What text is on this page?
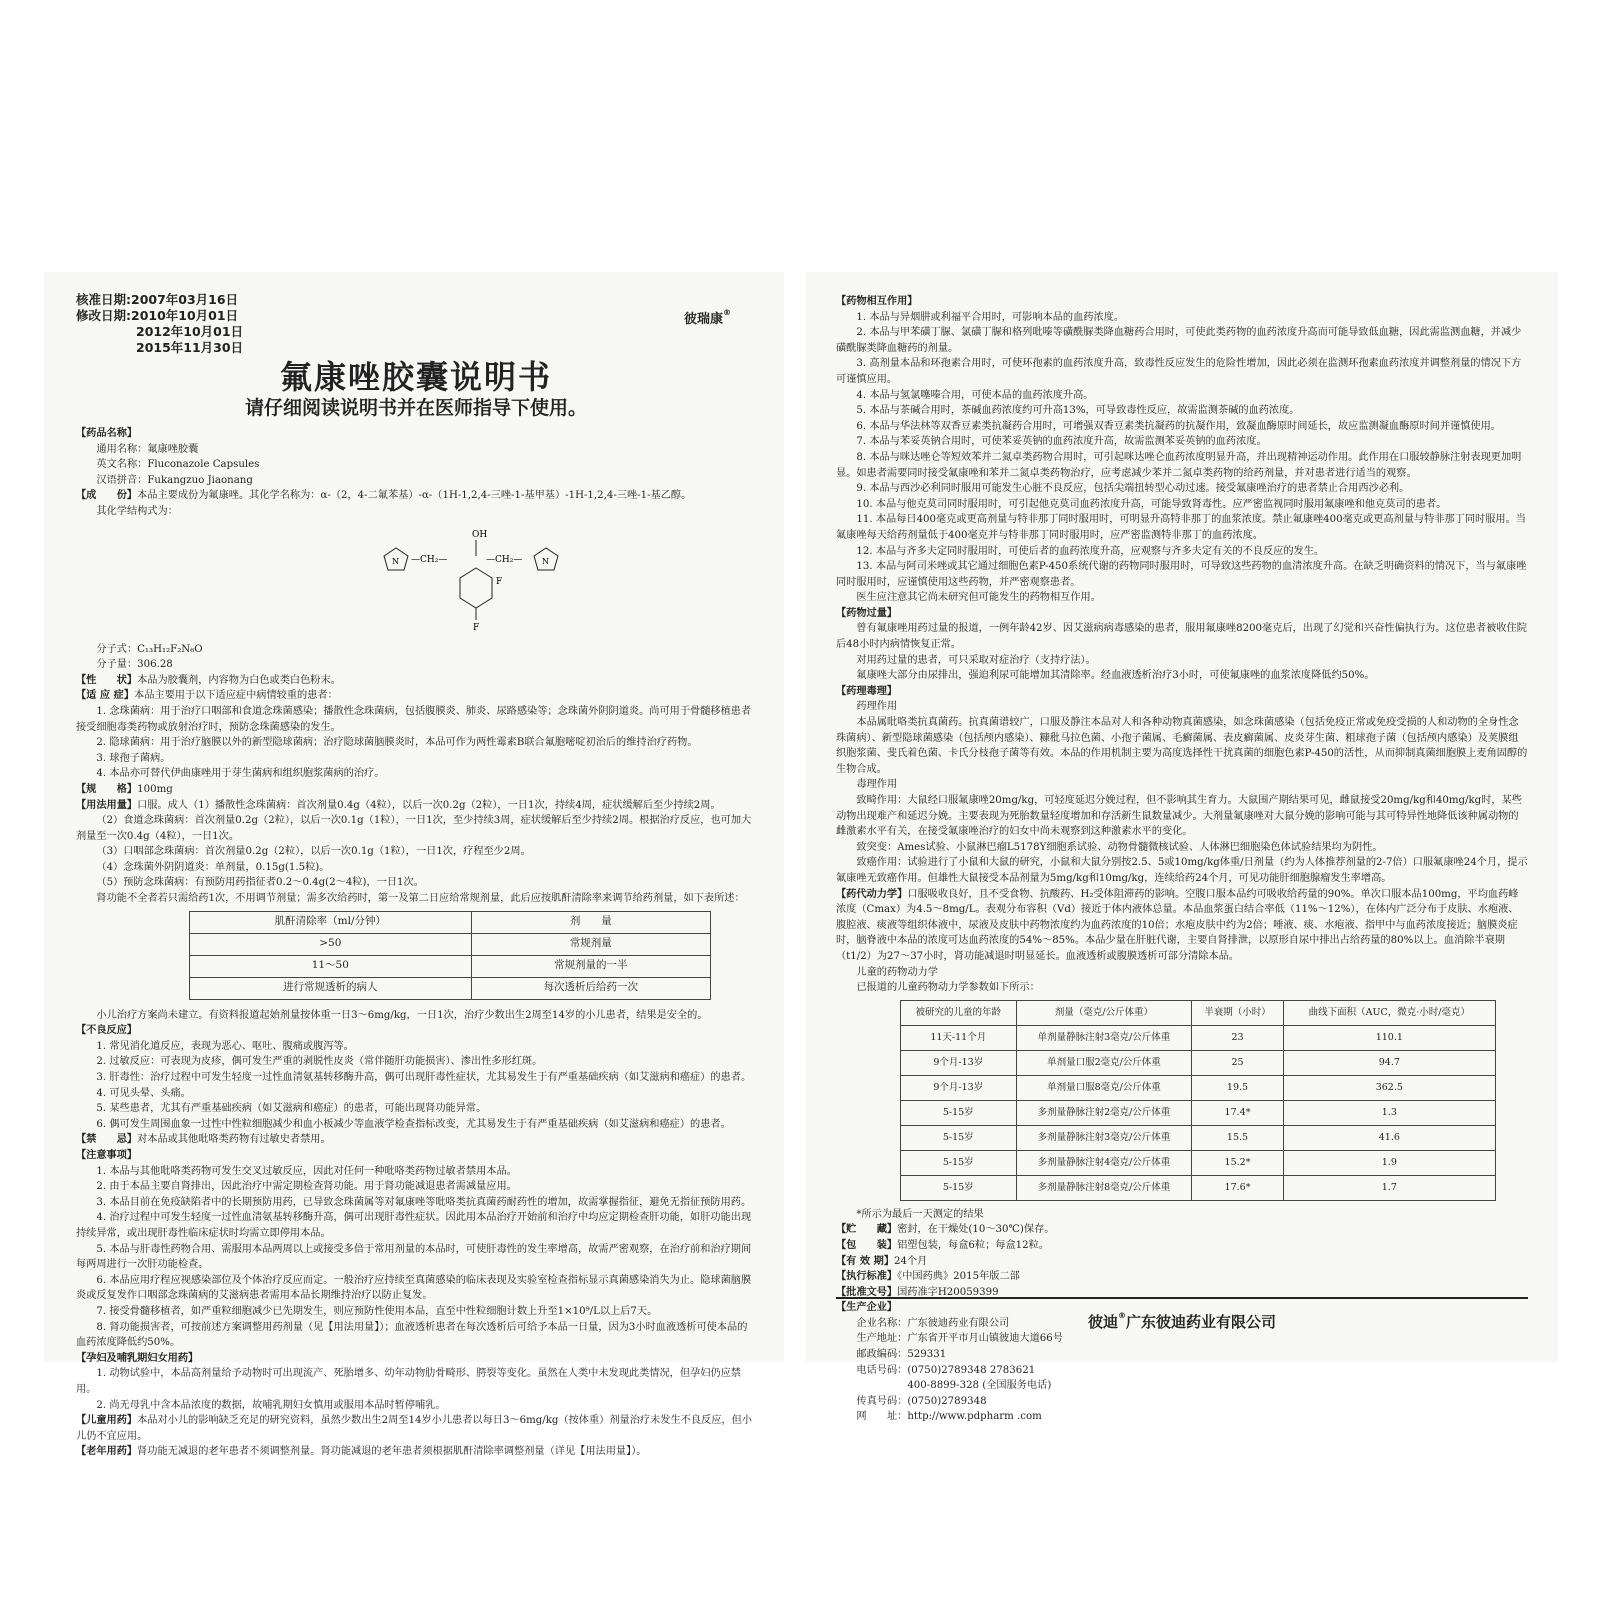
核准日期:2007年03月16日
修改日期:2010年10月01日
2012年10月01日
2015年11月30日
彼瑞康®
氟康唑胶囊说明书
请仔细阅读说明书并在医师指导下使用。

【药品名称】

通用名称：氟康唑胶囊

英文名称：Fluconazole Capsules

汉语拼音：Fukangzuo Jiaonang

【成　　份】本品主要成份为氟康唑。其化学名称为：α-（2，4-二氟苯基）-α-（1H-1,2,4-三唑-1-基甲基）-1H-1,2,4-三唑-1-基乙醇。

其化学结构式为：

OH
—CH₂—	—CH₂—
F
F
N	N

分子式：C₁₃H₁₂F₂N₆O

分子量：306.28

【性　　状】本品为胶囊剂，内容物为白色或类白色粉末。

【适 应 症】本品主要用于以下适应症中病情较重的患者：

1. 念珠菌病：用于治疗口咽部和食道念珠菌感染；播散性念珠菌病，包括腹膜炎、肺炎、尿路感染等；念珠菌外阴阴道炎。尚可用于骨髓移植患者接受细胞毒类药物或放射治疗时，预防念珠菌感染的发生。

2. 隐球菌病：用于治疗脑膜以外的新型隐球菌病；治疗隐球菌脑膜炎时，本品可作为两性霉素B联合氟胞嘧啶初治后的维持治疗药物。

3. 球孢子菌病。

4. 本品亦可替代伊曲康唑用于芽生菌病和组织胞浆菌病的治疗。

【规　　格】100mg

【用法用量】口服。成人（1）播散性念珠菌病：首次剂量0.4g（4粒），以后一次0.2g（2粒），一日1次，持续4周，症状缓解后至少持续2周。

（2）食道念珠菌病：首次剂量0.2g（2粒），以后一次0.1g（1粒），一日1次，至少持续3周，症状缓解后至少持续2周。根据治疗反应，也可加大剂量至一次0.4g（4粒），一日1次。

（3）口咽部念珠菌病：首次剂量0.2g（2粒），以后一次0.1g（1粒），一日1次，疗程至少2周。

（4）念珠菌外阴阴道炎：单剂量，0.15g(1.5粒)。

（5）预防念珠菌病：有预防用药指征者0.2～0.4g(2～4粒)，一日1次。

肾功能不全者若只需给药1次，不用调节剂量；需多次给药时，第一及第二日应给常规剂量，此后应按肌酐清除率来调节给药剂量，如下表所述：

肌酐清除率（ml/分钟）	剂　　量
>50	常规剂量
11～50	常规剂量的一半
进行常规透析的病人	每次透析后给药一次

小儿治疗方案尚未建立。有资料报道起始剂量按体重一日3～6mg/kg，一日1次，治疗少数出生2周至14岁的小儿患者，结果是安全的。

【不良反应】

1. 常见消化道反应，表现为恶心、呕吐、腹痛或腹泻等。

2. 过敏反应：可表现为皮疹，偶可发生严重的剥脱性皮炎（常伴随肝功能损害）、渗出性多形红斑。

3. 肝毒性：治疗过程中可发生轻度一过性血清氨基转移酶升高，偶可出现肝毒性症状，尤其易发生于有严重基础疾病（如艾滋病和癌症）的患者。

4. 可见头晕、头痛。

5. 某些患者，尤其有严重基础疾病（如艾滋病和癌症）的患者，可能出现肾功能异常。

6. 偶可发生周围血象一过性中性粒细胞减少和血小板减少等血液学检查指标改变，尤其易发生于有严重基础疾病（如艾滋病和癌症）的患者。

【禁　　忌】对本品或其他吡咯类药物有过敏史者禁用。

【注意事项】

1. 本品与其他吡咯类药物可发生交叉过敏反应，因此对任何一种吡咯类药物过敏者禁用本品。

2. 由于本品主要自肾排出，因此治疗中需定期检查肾功能。用于肾功能减退患者需减量应用。

3. 本品目前在免疫缺陷者中的长期预防用药，已导致念珠菌属等对氟康唑等吡咯类抗真菌药耐药性的增加，故需掌握指征，避免无指征预防用药。

4. 治疗过程中可发生轻度一过性血清氨基转移酶升高，偶可出现肝毒性症状。因此用本品治疗开始前和治疗中均应定期检查肝功能，如肝功能出现持续异常，或出现肝毒性临床症状时均需立即停用本品。

5. 本品与肝毒性药物合用、需服用本品两周以上或接受多倍于常用剂量的本品时，可使肝毒性的发生率增高，故需严密观察，在治疗前和治疗期间每两周进行一次肝功能检查。

6. 本品应用疗程应视感染部位及个体治疗反应而定。一般治疗应持续至真菌感染的临床表现及实验室检查指标显示真菌感染消失为止。隐球菌脑膜炎或反复发作口咽部念珠菌病的艾滋病患者需用本品长期维持治疗以防止复发。

7. 接受骨髓移植者，如严重粒细胞减少已先期发生，则应预防性使用本品，直至中性粒细胞计数上升至1×10⁹/L以上后7天。

8. 肾功能损害者，可按前述方案调整用药剂量（见【用法用量】）；血液透析患者在每次透析后可给予本品一日量，因为3小时血液透析可使本品的血药浓度降低约50%。

【孕妇及哺乳期妇女用药】

1. 动物试验中，本品高剂量给予动物时可出现流产、死胎增多、幼年动物肋骨畸形、腭裂等变化。虽然在人类中未发现此类情况，但孕妇仍应禁用。

2. 尚无母乳中含本品浓度的数据，故哺乳期妇女慎用或服用本品时暂停哺乳。

【儿童用药】本品对小儿的影响缺乏充足的研究资料，虽然少数出生2周至14岁小儿患者以每日3～6mg/kg（按体重）剂量治疗未发生不良反应，但小儿仍不宜应用。

【老年用药】肾功能无减退的老年患者不须调整剂量。肾功能减退的老年患者须根据肌酐清除率调整剂量（详见【用法用量】）。

【药物相互作用】

1. 本品与异烟肼或利福平合用时，可影响本品的血药浓度。

2. 本品与甲苯磺丁脲、氯磺丁脲和格列吡嗪等磺酰脲类降血糖药合用时，可使此类药物的血药浓度升高而可能导致低血糖，因此需监测血糖，并减少磺酰脲类降血糖药的剂量。

3. 高剂量本品和环孢素合用时，可使环孢素的血药浓度升高，致毒性反应发生的危险性增加，因此必须在监测环孢素血药浓度并调整剂量的情况下方可谨慎应用。

4. 本品与氢氯噻嗪合用，可使本品的血药浓度升高。

5. 本品与茶碱合用时，茶碱血药浓度约可升高13%，可导致毒性反应，故需监测茶碱的血药浓度。

6. 本品与华法林等双香豆素类抗凝药合用时，可增强双香豆素类抗凝药的抗凝作用，致凝血酶原时间延长，故应监测凝血酶原时间并谨慎使用。

7. 本品与苯妥英钠合用时，可使苯妥英钠的血药浓度升高，故需监测苯妥英钠的血药浓度。

8. 本品与咪达唑仑等短效苯并二氮卓类药物合用时，可引起咪达唑仑血药浓度明显升高，并出现精神运动作用。此作用在口服较静脉注射表现更加明显。如患者需要同时接受氟康唑和苯并二氮卓类药物治疗，应考虑减少苯并二氮卓类药物的给药剂量，并对患者进行适当的观察。

9. 本品与西沙必利同时服用可能发生心脏不良反应，包括尖端扭转型心动过速。接受氟康唑治疗的患者禁止合用西沙必利。

10. 本品与他克莫司同时服用时，可引起他克莫司血药浓度升高，可能导致肾毒性。应严密监视同时服用氟康唑和他克莫司的患者。

11. 本品每日400毫克或更高剂量与特非那丁同时服用时，可明显升高特非那丁的血浆浓度。禁止氟康唑400毫克或更高剂量与特非那丁同时服用。当氟康唑每天给药剂量低于400毫克并与特非那丁同时服用时，应严密监测特非那丁的血药浓度。

12. 本品与齐多夫定同时服用时，可使后者的血药浓度升高，应观察与齐多夫定有关的不良反应的发生。

13. 本品与阿司米唑或其它通过细胞色素P-450系统代谢的药物同时服用时，可导致这些药物的血清浓度升高。在缺乏明确资料的情况下，当与氟康唑同时服用时，应谨慎使用这些药物，并严密观察患者。

医生应注意其它尚未研究但可能发生的药物相互作用。

【药物过量】

曾有氟康唑用药过量的报道，一例年龄42岁、因艾滋病病毒感染的患者，服用氟康唑8200毫克后，出现了幻觉和兴奋性偏执行为。这位患者被收住院后48小时内病情恢复正常。

对用药过量的患者，可只采取对症治疗（支持疗法）。

氟康唑大部分由尿排出，强迫利尿可能增加其清除率。经血液透析治疗3小时，可使氟康唑的血浆浓度降低约50%。

【药理毒理】

药理作用

本品属吡咯类抗真菌药。抗真菌谱较广，口服及静注本品对人和各种动物真菌感染，如念珠菌感染（包括免疫正常或免疫受损的人和动物的全身性念珠菌病）、新型隐球菌感染（包括颅内感染）、糠秕马拉色菌、小孢子菌属、毛癣菌属、表皮癣菌属、皮炎芽生菌、粗球孢子菌（包括颅内感染）及荚膜组织胞浆菌、斐氏着色菌、卡氏分枝孢子菌等有效。本品的作用机制主要为高度选择性干扰真菌的细胞色素P-450的活性，从而抑制真菌细胞膜上麦角固醇的生物合成。

毒理作用

致畸作用：大鼠经口服氟康唑20mg/kg，可轻度延迟分娩过程，但不影响其生育力。大鼠围产期结果可见，雌鼠接受20mg/kg和40mg/kg时，某些动物出现难产和延迟分娩。主要表现为死胎数量轻度增加和存活新生鼠数量减少。大剂量氟康唑对大鼠分娩的影响可能与其可特异性地降低该种属动物的雌激素水平有关，在接受氟康唑治疗的妇女中尚未观察到这种激素水平的变化。

致突变：Ames试验、小鼠淋巴瘤L5178Y细胞系试验、动物骨髓微核试验、人体淋巴细胞染色体试验结果均为阴性。

致癌作用：试验进行了小鼠和大鼠的研究，小鼠和大鼠分别按2.5、5或10mg/kg体重/日剂量（约为人体推荐剂量的2-7倍）口服氟康唑24个月，提示氟康唑无致癌作用。但雄性大鼠接受本品剂量为5mg/kg和10mg/kg，连续给药24个月，可见功能肝细胞腺瘤发生率增高。

【药代动力学】口服吸收良好，且不受食物、抗酸药、H₂受体阻滞药的影响。空腹口服本品约可吸收给药量的90%。单次口服本品100mg，平均血药峰浓度（Cmax）为4.5～8mg/L。表观分布容积（Vd）接近于体内液体总量。本品血浆蛋白结合率低（11%～12%），在体内广泛分布于皮肤、水疱液、腹腔液、痰液等组织体液中，尿液及皮肤中药物浓度约为血药浓度的10倍；水疱皮肤中约为2倍；唾液、痰、水疱液、指甲中与血药浓度接近；脑膜炎症时，脑脊液中本品的浓度可达血药浓度的54%～85%。本品少量在肝脏代谢，主要自肾排泄，以原形自尿中排出占给药量的80%以上。血消除半衰期（t1/2）为27～37小时，肾功能减退时明显延长。血液透析或腹膜透析可部分清除本品。

儿童的药物动力学

已报道的儿童药物动力学参数如下所示：

被研究的儿童的年龄	剂量（毫克/公斤体重）	半衰期（小时）	曲线下面积（AUC，微克·小时/毫克）
11天-11个月	单剂量静脉注射3毫克/公斤体重	23	110.1
9个月-13岁	单剂量口服2毫克/公斤体重	25	94.7
9个月-13岁	单剂量口服8毫克/公斤体重	19.5	362.5
5-15岁	多剂量静脉注射2毫克/公斤体重	17.4*	1.3
5-15岁	多剂量静脉注射3毫克/公斤体重	15.5	41.6
5-15岁	多剂量静脉注射4毫克/公斤体重	15.2*	1.9
5-15岁	多剂量静脉注射8毫克/公斤体重	17.6*	1.7

*所示为最后一天测定的结果

【贮　　藏】密封，在干燥处(10～30℃)保存。

【包　　装】铝塑包装，每盒6粒；每盒12粒。

【有 效 期】24个月

【执行标准】《中国药典》2015年版二部

【批准文号】国药准字H20059399

【生产企业】

企业名称：广东彼迪药业有限公司

生产地址：广东省开平市月山镇彼迪大道66号

邮政编码：529331

电话号码：(0750)2789348 2783621

　　　　　400-8899-328 (全国服务电话)

传真号码：(0750)2789348

网　　址：http://www.pdpharm .com

彼迪®广东彼迪药业有限公司
